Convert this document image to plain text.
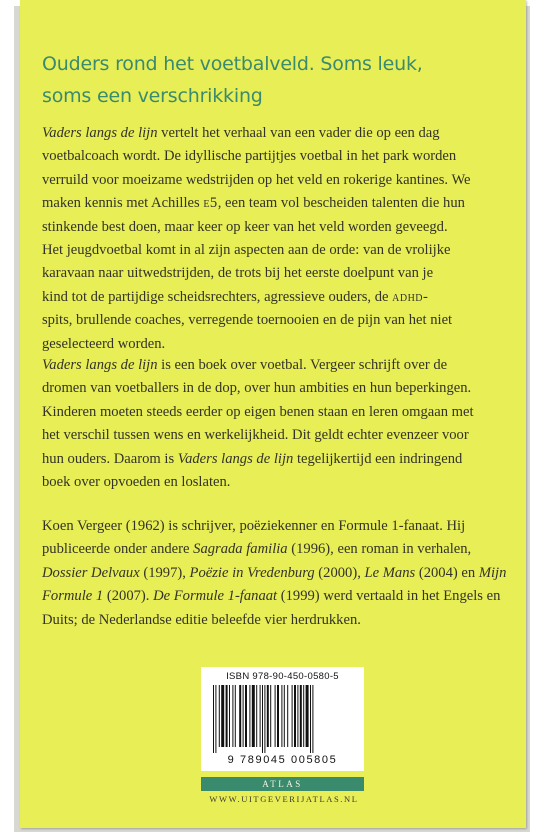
Ouders rond het voetbalveld. Soms leuk,
soms een verschrikking
Vaders langs de lijn vertelt het verhaal van een vader die op een dag
voetbalcoach wordt. De idyllische partijtjes voetbal in het park worden
verruild voor moeizame wedstrijden op het veld en rokerige kantines. We
maken kennis met Achilles e5, een team vol bescheiden talenten die hun
stinkende best doen, maar keer op keer van het veld worden geveegd.
Het jeugdvoetbal komt in al zijn aspecten aan de orde: van de vrolijke
karavaan naar uitwedstrijden, de trots bij het eerste doelpunt van je
kind tot de partijdige scheidsrechters, agressieve ouders, de adhd-
spits, brullende coaches, verregende toernooien en de pijn van het niet
geselecteerd worden.
Vaders langs de lijn is een boek over voetbal. Vergeer schrijft over de
dromen van voetballers in de dop, over hun ambities en hun beperkingen.
Kinderen moeten steeds eerder op eigen benen staan en leren omgaan met
het verschil tussen wens en werkelijkheid. Dit geldt echter evenzeer voor
hun ouders. Daarom is Vaders langs de lijn tegelijkertijd een indringend
boek over opvoeden en loslaten.
Koen Vergeer (1962) is schrijver, poëziekenner en Formule 1-fanaat. Hij
publiceerde onder andere Sagrada familia (1996), een roman in verhalen,
Dossier Delvaux (1997), Poëzie in Vredenburg (2000), Le Mans (2004) en Mijn
Formule 1 (2007). De Formule 1-fanaat (1999) werd vertaald in het Engels en
Duits; de Nederlandse editie beleefde vier herdrukken.
ISBN 978-90-450-0580-5
9 789045 005805
ATLAS
WWW.UITGEVERIJATLAS.NL
